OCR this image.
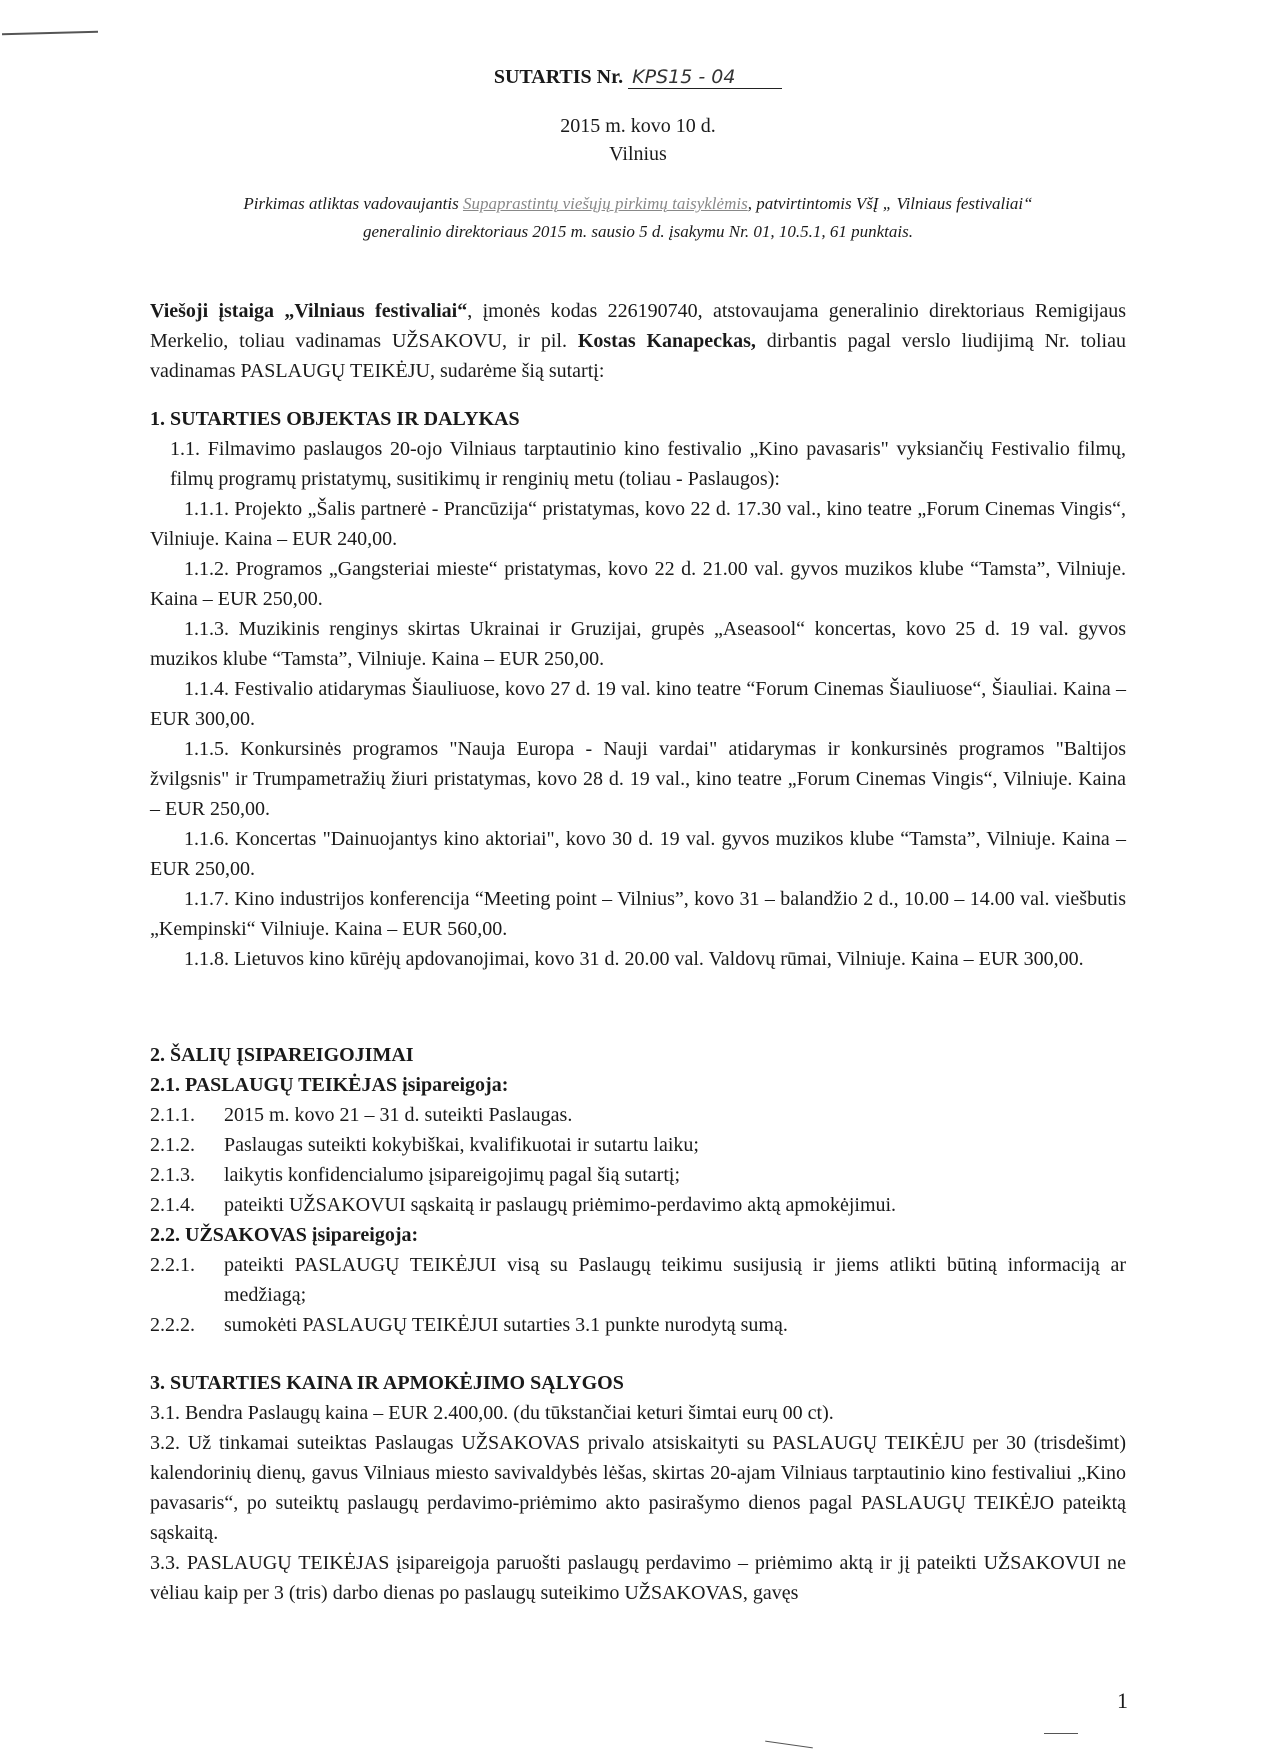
SUTARTIS Nr. KPS15 - 04

2015 m. kovo 10 d.

Vilnius

Pirkimas atliktas vadovaujantis Supaprastintų viešųjų pirkimų taisyklėmis, patvirtintomis VšĮ „ Vilniaus festivaliai“

generalinio direktoriaus 2015 m. sausio 5 d. įsakymu Nr. 01, 10.5.1, 61 punktais.

Viešoji įstaiga „Vilniaus festivaliai“, įmonės kodas 226190740, atstovaujama generalinio direktoriaus Remigijaus Merkelio, toliau vadinamas UŽSAKOVU, ir pil. Kostas Kanapeckas, dirbantis pagal verslo liudijimą Nr. toliau vadinamas PASLAUGŲ TEIKĖJU, sudarėme šią sutartį:

1. SUTARTIES OBJEKTAS IR DALYKAS

1.1. Filmavimo paslaugos 20-ojo Vilniaus tarptautinio kino festivalio „Kino pavasaris" vyksiančių Festivalio filmų, filmų programų pristatymų, susitikimų ir renginių metu (toliau - Paslaugos):

1.1.1. Projekto „Šalis partnerė - Prancūzija“ pristatymas, kovo 22 d. 17.30 val., kino teatre „Forum Cinemas Vingis“, Vilniuje. Kaina – EUR 240,00.

1.1.2. Programos „Gangsteriai mieste“ pristatymas, kovo 22 d. 21.00 val. gyvos muzikos klube “Tamsta”, Vilniuje. Kaina – EUR 250,00.

1.1.3. Muzikinis renginys skirtas Ukrainai ir Gruzijai, grupės „Aseasool“ koncertas, kovo 25 d. 19 val. gyvos muzikos klube “Tamsta”, Vilniuje. Kaina – EUR 250,00.

1.1.4. Festivalio atidarymas Šiauliuose, kovo 27 d. 19 val. kino teatre “Forum Cinemas Šiauliuose“, Šiauliai. Kaina – EUR 300,00.

1.1.5. Konkursinės programos "Nauja Europa - Nauji vardai" atidarymas ir konkursinės programos "Baltijos žvilgsnis" ir Trumpametražių žiuri pristatymas, kovo 28 d. 19 val., kino teatre „Forum Cinemas Vingis“, Vilniuje. Kaina – EUR 250,00.

1.1.6. Koncertas "Dainuojantys kino aktoriai", kovo 30 d. 19 val. gyvos muzikos klube “Tamsta”, Vilniuje. Kaina – EUR 250,00.

1.1.7. Kino industrijos konferencija “Meeting point – Vilnius”, kovo 31 – balandžio 2 d., 10.00 – 14.00 val. viešbutis „Kempinski“ Vilniuje. Kaina – EUR 560,00.

1.1.8. Lietuvos kino kūrėjų apdovanojimai, kovo 31 d. 20.00 val. Valdovų rūmai, Vilniuje. Kaina – EUR 300,00.

2. ŠALIŲ ĮSIPAREIGOJIMAI

2.1. PASLAUGŲ TEIKĖJAS įsipareigoja:

2.1.1.	2015 m. kovo 21 – 31 d. suteikti Paslaugas.
2.1.2.	Paslaugas suteikti kokybiškai, kvalifikuotai ir sutartu laiku;
2.1.3.	laikytis konfidencialumo įsipareigojimų pagal šią sutartį;
2.1.4.	pateikti UŽSAKOVUI sąskaitą ir paslaugų priėmimo-perdavimo aktą apmokėjimui.

2.2. UŽSAKOVAS įsipareigoja:

2.2.1.	pateikti PASLAUGŲ TEIKĖJUI visą su Paslaugų teikimu susijusią ir jiems atlikti būtiną informaciją ar medžiagą;
2.2.2.	sumokėti PASLAUGŲ TEIKĖJUI sutarties 3.1 punkte nurodytą sumą.

3. SUTARTIES KAINA IR APMOKĖJIMO SĄLYGOS

3.1. Bendra Paslaugų kaina – EUR 2.400,00. (du tūkstančiai keturi šimtai eurų 00 ct).

3.2. Už tinkamai suteiktas Paslaugas UŽSAKOVAS privalo atsiskaityti su PASLAUGŲ TEIKĖJU per 30 (trisdešimt) kalendorinių dienų, gavus Vilniaus miesto savivaldybės lėšas, skirtas 20-ajam Vilniaus tarptautinio kino festivaliui „Kino pavasaris“, po suteiktų paslaugų perdavimo-priėmimo akto pasirašymo dienos pagal PASLAUGŲ TEIKĖJO pateiktą sąskaitą.

3.3. PASLAUGŲ TEIKĖJAS įsipareigoja paruošti paslaugų perdavimo – priėmimo aktą ir jį pateikti UŽSAKOVUI ne vėliau kaip per 3 (tris) darbo dienas po paslaugų suteikimo UŽSAKOVAS, gavęs

1
